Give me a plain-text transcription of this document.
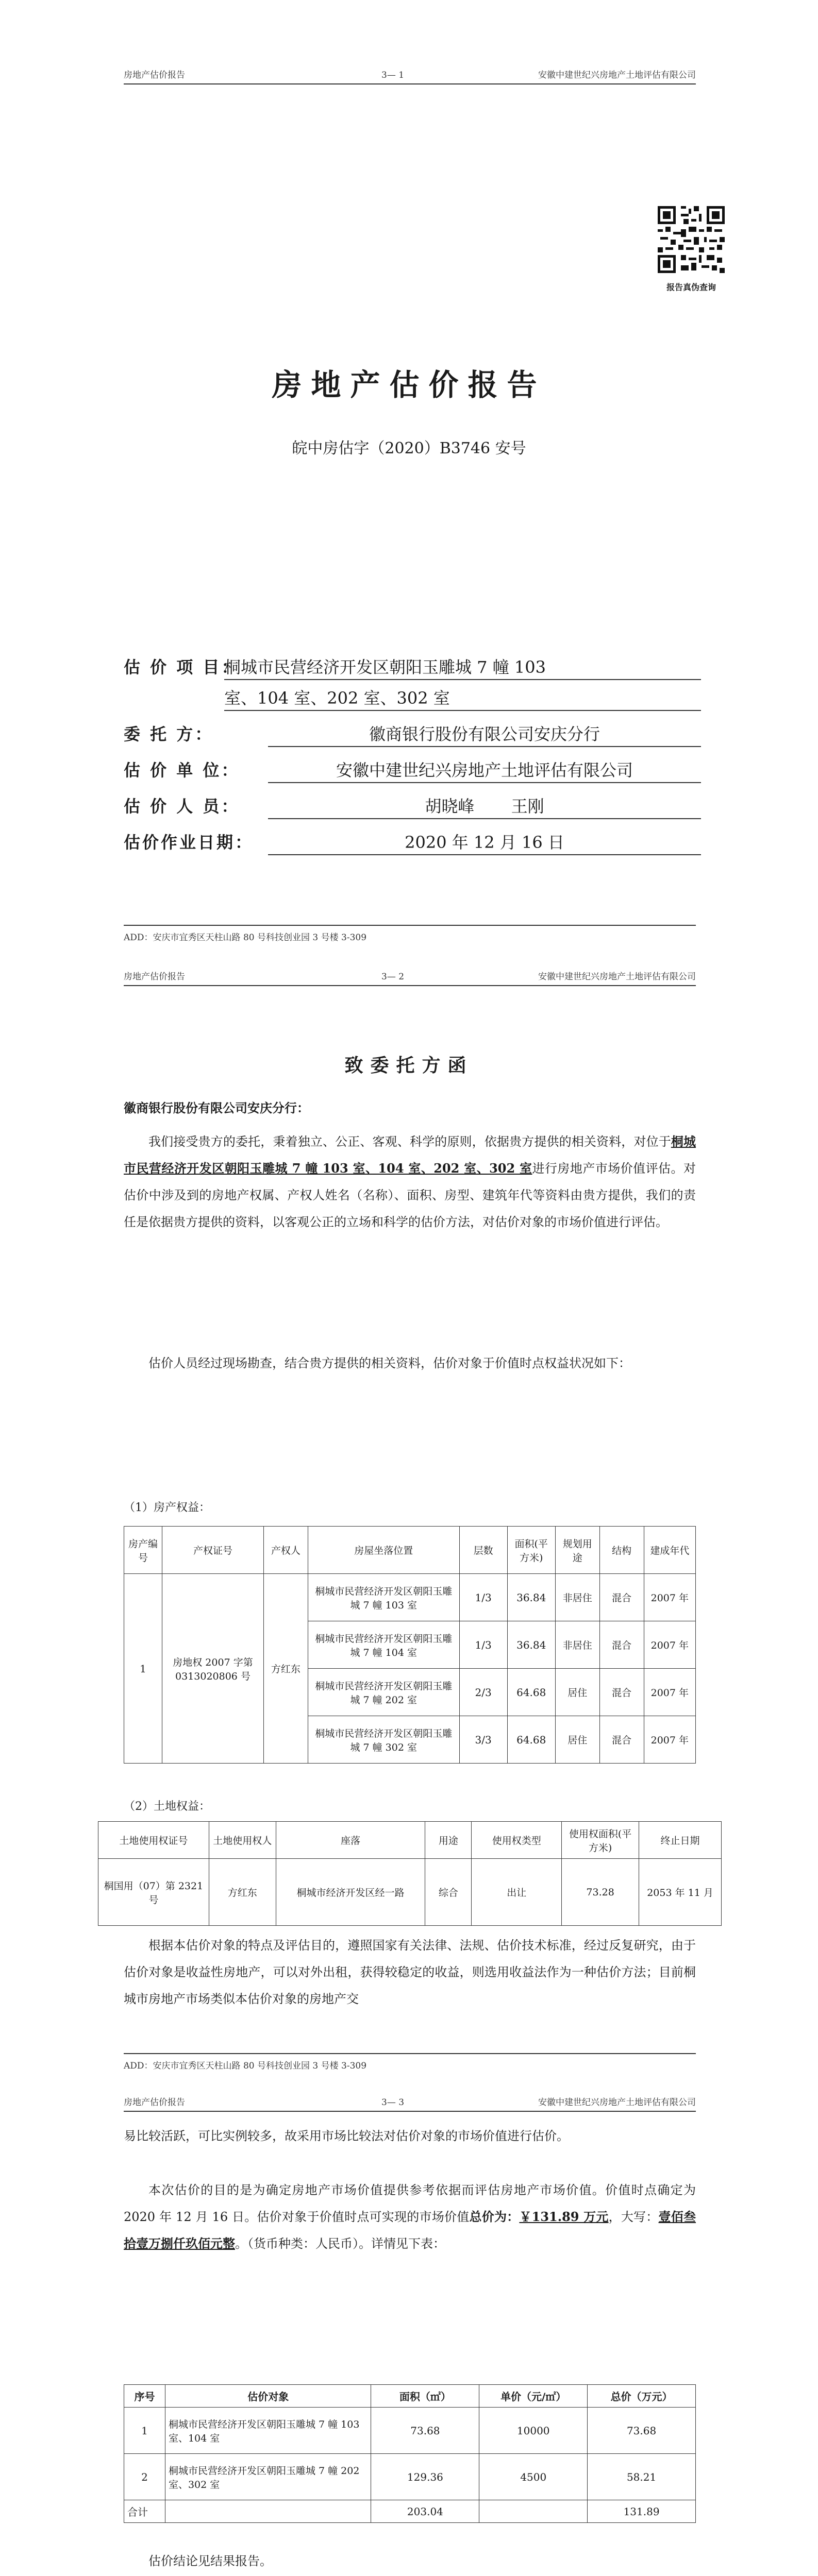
房地产估价报告	3— 1	安徽中建世纪兴房地产土地评估有限公司
报告真伪查询
房地产估价报告
皖中房估字（2020）B3746 安号
估 价 项 目：
桐城市民营经济开发区朝阳玉雕城 7 幢 103
室、104 室、202 室、302 室
委 托 方：	徽商银行股份有限公司安庆分行
估 价 单 位：	安徽中建世纪兴房地产土地评估有限公司
估 价 人 员：	胡晓峰       王刚
估价作业日期：	2020 年 12 月 16 日
ADD：安庆市宜秀区天柱山路 80 号科技创业园 3 号楼 3-309
房地产估价报告	3— 2	安徽中建世纪兴房地产土地评估有限公司
致委托方函
徽商银行股份有限公司安庆分行：
我们接受贵方的委托，秉着独立、公正、客观、科学的原则，依据贵方提供的相关资料，对位于桐城市民营经济开发区朝阳玉雕城 7 幢 103 室、104 室、202 室、302 室进行房地产市场价值评估。对估价中涉及到的房地产权属、产权人姓名（名称）、面积、房型、建筑年代等资料由贵方提供，我们的责任是依据贵方提供的资料，以客观公正的立场和科学的估价方法，对估价对象的市场价值进行评估。
估价人员经过现场勘查，结合贵方提供的相关资料，估价对象于价值时点权益状况如下：
（1）房产权益：
房产编号	产权证号	产权人	房屋坐落位置	层数	面积(平方米)	规划用途	结构	建成年代
1	房地权 2007 字第 0313020806 号	方红东	桐城市民营经济开发区朝阳玉雕城 7 幢 103 室	1/3	36.84	非居住	混合	2007 年
			桐城市民营经济开发区朝阳玉雕城 7 幢 104 室	1/3	36.84	非居住	混合	2007 年
			桐城市民营经济开发区朝阳玉雕城 7 幢 202 室	2/3	64.68	居住	混合	2007 年
			桐城市民营经济开发区朝阳玉雕城 7 幢 302 室	3/3	64.68	居住	混合	2007 年
（2）土地权益：
土地使用权证号	土地使用权人	座落	用途	使用权类型	使用权面积(平方米)	终止日期
桐国用（07）第 2321 号	方红东	桐城市经济开发区经一路	综合	出让	73.28	2053 年 11 月
根据本估价对象的特点及评估目的，遵照国家有关法律、法规、估价技术标准，经过反复研究，由于估价对象是收益性房地产，可以对外出租，获得较稳定的收益，则选用收益法作为一种估价方法；目前桐城市房地产市场类似本估价对象的房地产交
ADD：安庆市宜秀区天柱山路 80 号科技创业园 3 号楼 3-309
房地产估价报告	3— 3	安徽中建世纪兴房地产土地评估有限公司
易比较活跃，可比实例较多，故采用市场比较法对估价对象的市场价值进行估价。
本次估价的目的是为确定房地产市场价值提供参考依据而评估房地产市场价值。价值时点确定为 2020 年 12 月 16 日。估价对象于价值时点可实现的市场价值总价为：￥131.89 万元，大写：壹佰叁拾壹万捌仟玖佰元整。（货币种类：人民币）。详情见下表：
序号	估价对象	面积（㎡）	单价（元/㎡）	总价（万元）
1	桐城市民营经济开发区朝阳玉雕城 7 幢 103 室、104 室	73.68	10000	73.68
2	桐城市民营经济开发区朝阳玉雕城 7 幢 202 室、302 室	129.36	4500	58.21
合计		203.04		131.89
估价结论见结果报告。
